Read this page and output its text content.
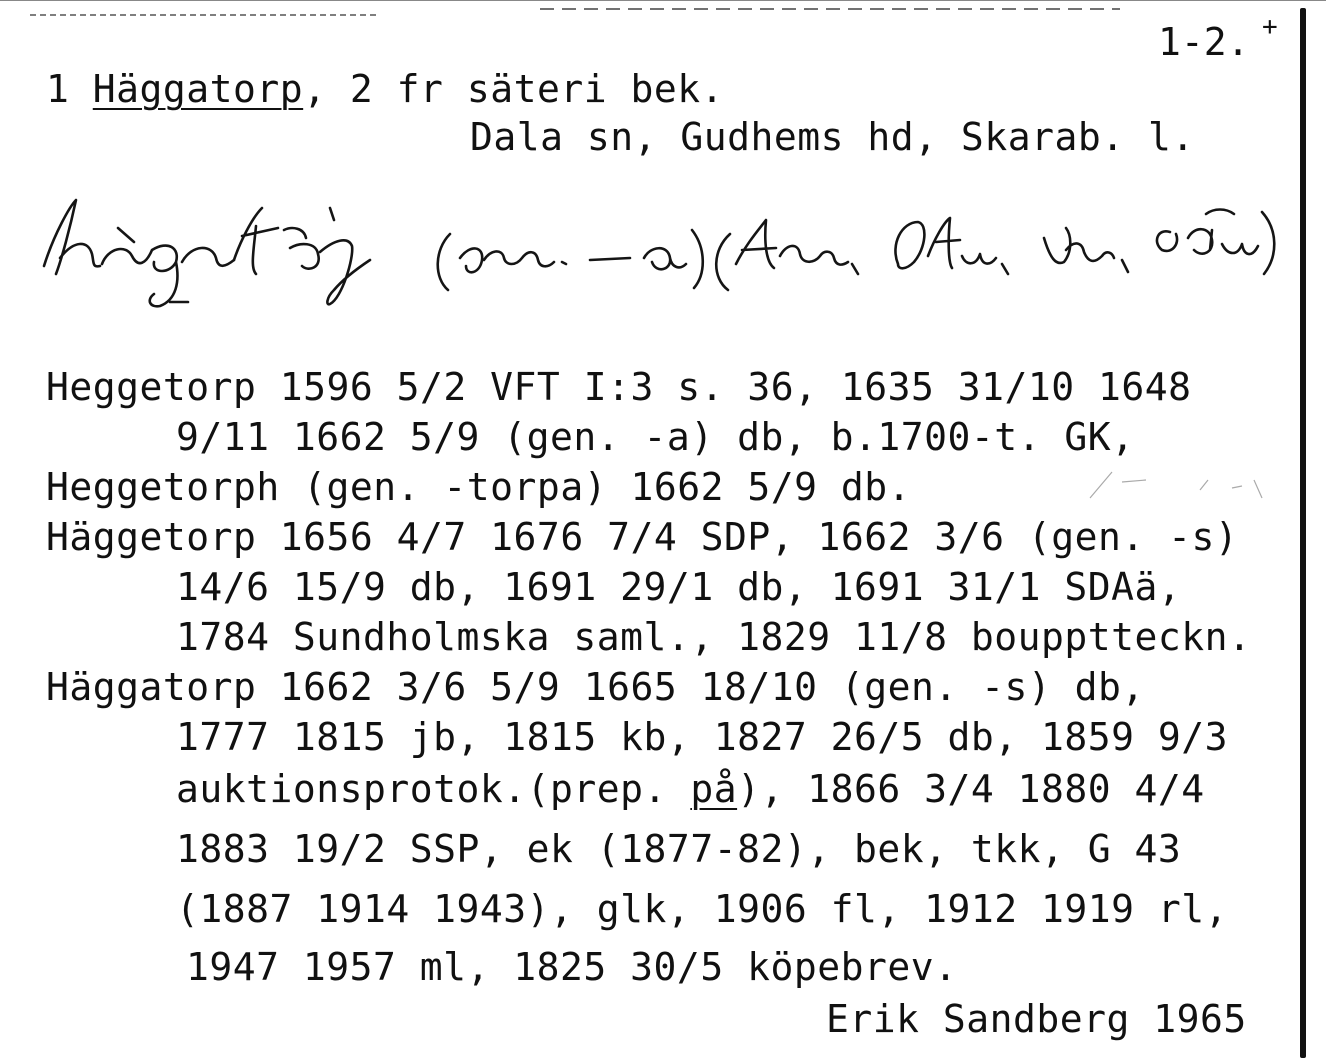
1-2. +
1 Häggatorp, 2 fr säteri bek.
Dala sn, Gudhems hd, Skarab. l.
Heggetorp 1596 5/2 VFT I:3 s. 36, 1635 31/10 1648
9/11 1662 5/9 (gen. -a) db, b.1700-t. GK,
Heggetorph (gen. -torpa) 1662 5/9 db.
Häggetorp 1656 4/7 1676 7/4 SDP, 1662 3/6 (gen. -s)
14/6 15/9 db, 1691 29/1 db, 1691 31/1 SDAä,
1784 Sundholmska saml., 1829 11/8 boupptteckn.
Häggatorp 1662 3/6 5/9 1665 18/10 (gen. -s) db,
1777 1815 jb, 1815 kb, 1827 26/5 db, 1859 9/3
auktionsprotok.(prep. på), 1866 3/4 1880 4/4
1883 19/2 SSP, ek (1877-82), bek, tkk, G 43
(1887 1914 1943), glk, 1906 fl, 1912 1919 rl,
1947 1957 ml, 1825 30/5 köpebrev.
Erik Sandberg 1965
